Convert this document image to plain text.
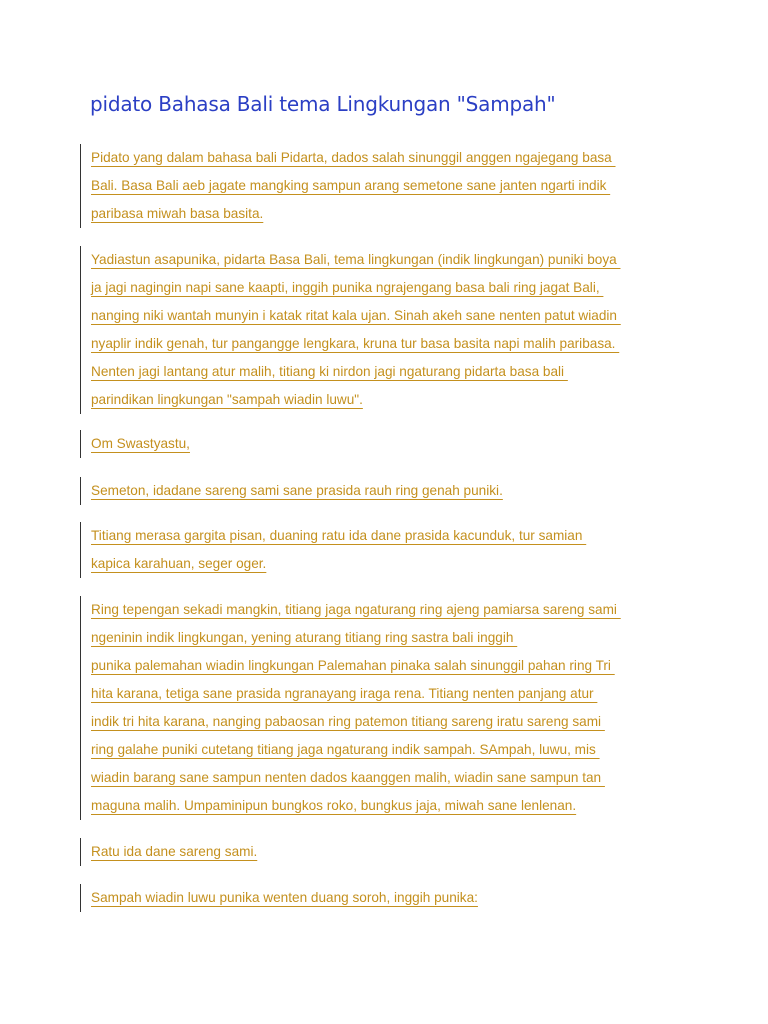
pidato Bahasa Bali tema Lingkungan "Sampah"
Pidato yang dalam bahasa bali Pidarta, dados salah sinunggil anggen ngajegang basa
Bali. Basa Bali aeb jagate mangking sampun arang semetone sane janten ngarti indik
paribasa miwah basa basita.
Yadiastun asapunika, pidarta Basa Bali, tema lingkungan (indik lingkungan) puniki boya
ja jagi nagingin napi sane kaapti, inggih punika ngrajengang basa bali ring jagat Bali,
nanging niki wantah munyin i katak ritat kala ujan. Sinah akeh sane nenten patut wiadin
nyaplir indik genah, tur pangangge lengkara, kruna tur basa basita napi malih paribasa.
Nenten jagi lantang atur malih, titiang ki nirdon jagi ngaturang pidarta basa bali
parindikan lingkungan "sampah wiadin luwu".
Om Swastyastu,
Semeton, idadane sareng sami sane prasida rauh ring genah puniki.
Titiang merasa gargita pisan, duaning ratu ida dane prasida kacunduk, tur samian
kapica karahuan, seger oger.
Ring tepengan sekadi mangkin, titiang jaga ngaturang ring ajeng pamiarsa sareng sami
ngeninin indik lingkungan, yening aturang titiang ring sastra bali inggih
punika palemahan wiadin lingkungan Palemahan pinaka salah sinunggil pahan ring Tri
hita karana, tetiga sane prasida ngranayang iraga rena. Titiang nenten panjang atur
indik tri hita karana, nanging pabaosan ring patemon titiang sareng iratu sareng sami
ring galahe puniki cutetang titiang jaga ngaturang indik sampah. SAmpah, luwu, mis
wiadin barang sane sampun nenten dados kaanggen malih, wiadin sane sampun tan
maguna malih. Umpaminipun bungkos roko, bungkus jaja, miwah sane lenlenan.
Ratu ida dane sareng sami.
Sampah wiadin luwu punika wenten duang soroh, inggih punika:
